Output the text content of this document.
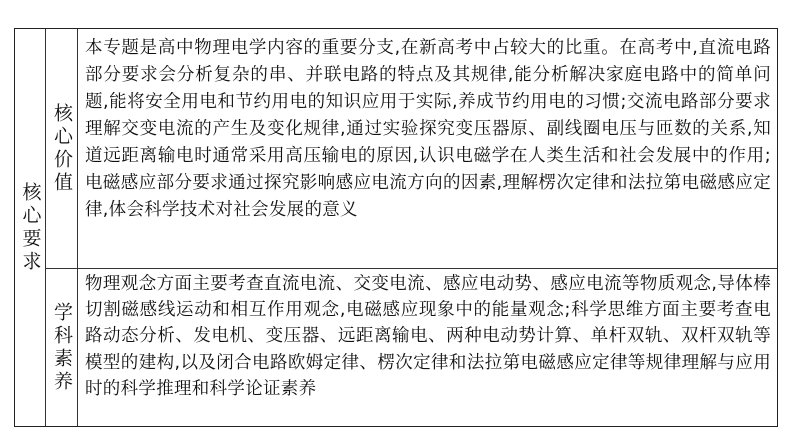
核心要求
核心价值
本专题是高中物理电学内容的重要分支,在新高考中占较大的比重。在高考中,直流电路部分要求会分析复杂的串、并联电路的特点及其规律,能分析解决家庭电路中的简单问题,能将安全用电和节约用电的知识应用于实际,养成节约用电的习惯;交流电路部分要求理解交变电流的产生及变化规律,通过实验探究变压器原、副线圈电压与匝数的关系,知道远距离输电时通常采用高压输电的原因,认识电磁学在人类生活和社会发展中的作用;电磁感应部分要求通过探究影响感应电流方向的因素,理解楞次定律和法拉第电磁感应定律,体会科学技术对社会发展的意义
学科素养
物理观念方面主要考查直流电流、交变电流、感应电动势、感应电流等物质观念,导体棒切割磁感线运动和相互作用观念,电磁感应现象中的能量观念;科学思维方面主要考查电路动态分析、发电机、变压器、远距离输电、两种电动势计算、单杆双轨、双杆双轨等模型的建构,以及闭合电路欧姆定律、楞次定律和法拉第电磁感应定律等规律理解与应用时的科学推理和科学论证素养
